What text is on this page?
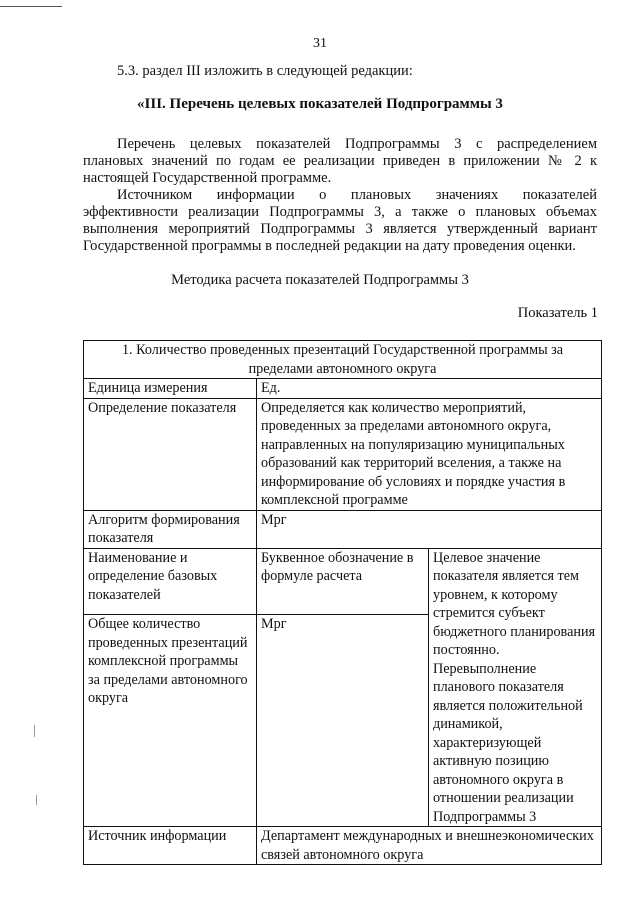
31
5.3. раздел III изложить в следующей редакции:
«III. Перечень целевых показателей Подпрограммы 3
Перечень целевых показателей Подпрограммы 3 с распределением
плановых значений по годам ее реализации приведен в приложении № 2 к
настоящей Государственной программе.
Источником информации о плановых значениях показателей
эффективности реализации Подпрограммы 3, а также о плановых объемах
выполнения мероприятий Подпрограммы 3 является утвержденный вариант
Государственной программы в последней редакции на дату проведения оценки.
Методика расчета показателей Подпрограммы 3
Показатель 1
1. Количество проведенных презентаций Государственной программы за пределами автономного округа		
Единица измерения	Ед.	
Определение показателя	Определяется как количество мероприятий, проведенных за пределами автономного округа, направленных на популяризацию муниципальных образований как территорий вселения, а также на информирование об условиях и порядке участия в комплексной программе	
Алгоритм формирования показателя	Мрг	
Наименование и определение базовых показателей	Буквенное обозначение в формуле расчета	Целевое значение показателя является тем уровнем, к которому стремится субъект бюджетного планирования постоянно. Перевыполнение планового показателя является положительной динамикой, характеризующей активную позицию автономного округа в отношении реализации Подпрограммы 3
Общее количество проведенных презентаций комплексной программы за пределами автономного округа	Мрг	
Источник информации	Департамент международных и внешнеэкономических связей автономного округа	
